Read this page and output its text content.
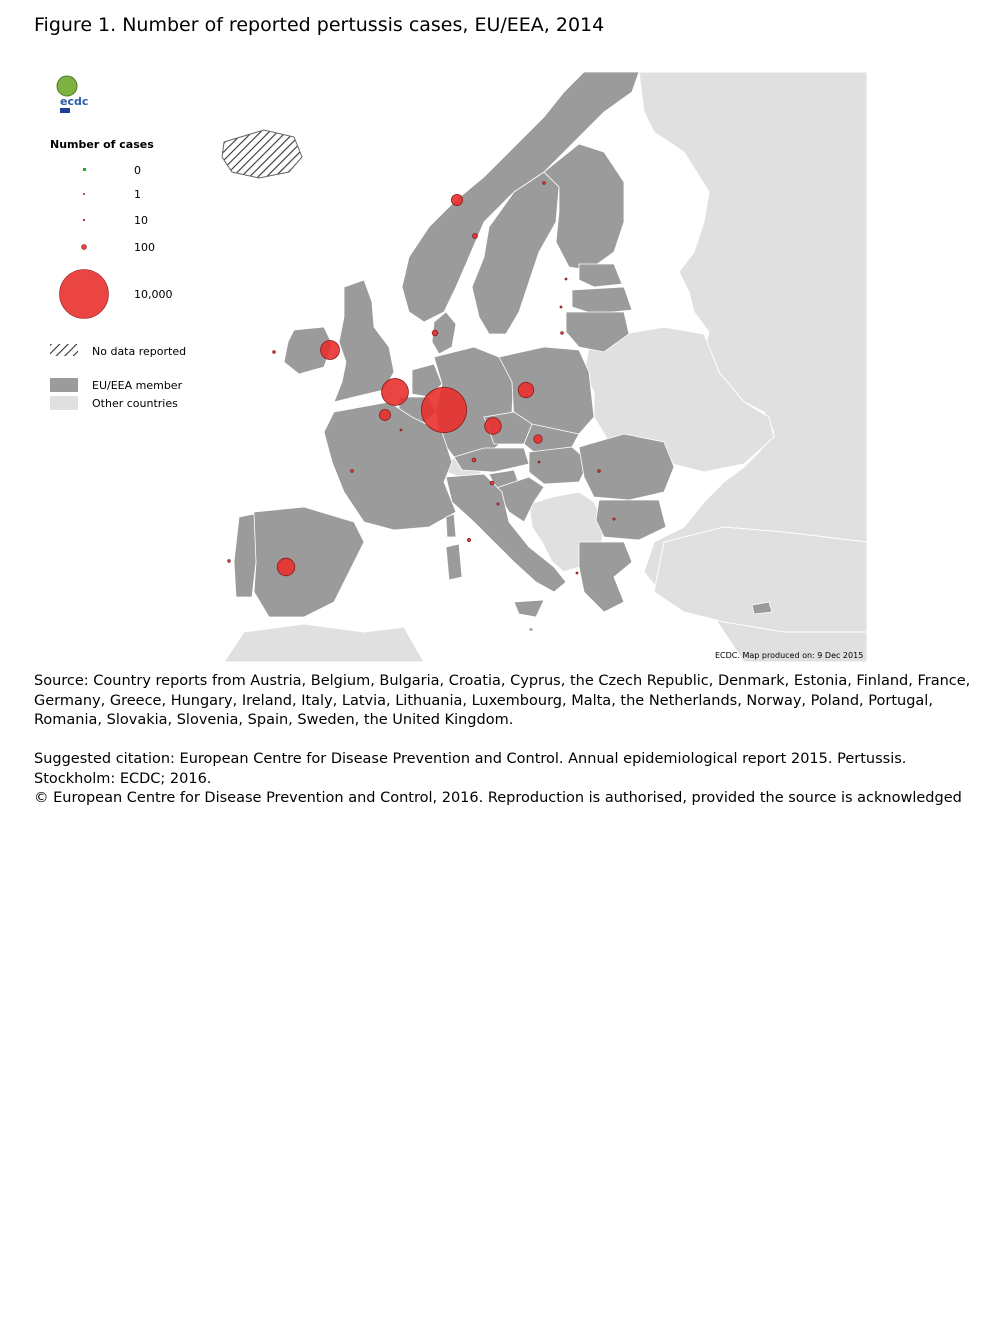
Figure 1. Number of reported pertussis cases, EU/EEA, 2014
ECDC. Map produced on: 9 Dec 2015
ecdc
Number of cases
0
1
10
100
10,000
No data reported
EU/EEA member
Other countries

Source: Country reports from Austria, Belgium, Bulgaria, Croatia, Cyprus, the Czech Republic, Denmark, Estonia, Finland, France, Germany, Greece, Hungary, Ireland, Italy, Latvia, Lithuania, Luxembourg, Malta, the Netherlands, Norway, Poland, Portugal, Romania, Slovakia, Slovenia, Spain, Sweden, the United Kingdom.

Suggested citation: European Centre for Disease Prevention and Control. Annual epidemiological report 2015. Pertussis. Stockholm: ECDC; 2016.

© European Centre for Disease Prevention and Control, 2016. Reproduction is authorised, provided the source is acknowledged
